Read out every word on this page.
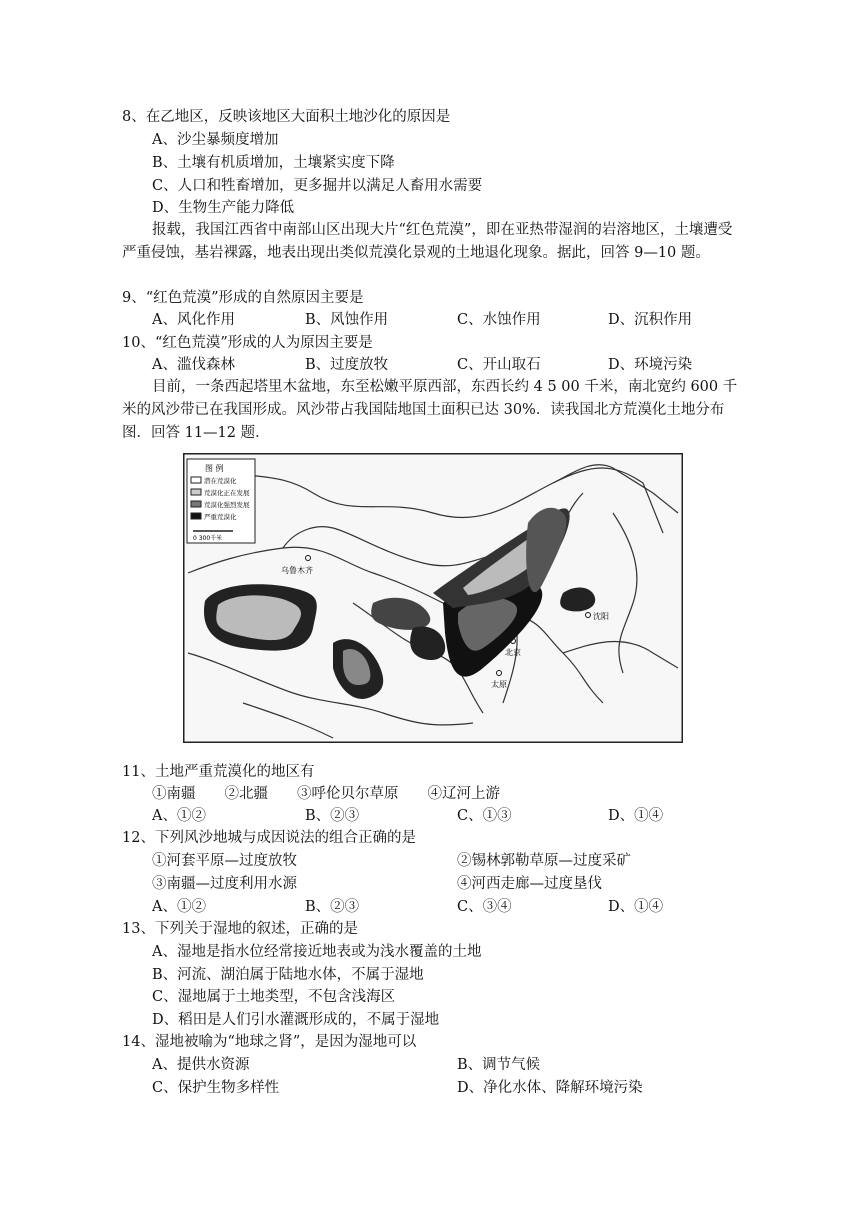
8、在乙地区，反映该地区大面积土地沙化的原因是
A、沙尘暴频度增加
B、土壤有机质增加，土壤紧实度下降
C、人口和牲畜增加，更多掘井以满足人畜用水需要
D、生物生产能力降低
报载，我国江西省中南部山区出现大片“红色荒漠”，即在亚热带湿润的岩溶地区，土壤遭受严重侵蚀，基岩裸露，地表出现出类似荒漠化景观的土地退化现象。据此，回答 9—10 题。
9、“红色荒漠”形成的自然原因主要是
A、风化作用	B、风蚀作用	C、水蚀作用	D、沉积作用
10、“红色荒漠”形成的人为原因主要是
A、滥伐森林	B、过度放牧	C、开山取石	D、环境污染
目前，一条西起塔里木盆地，东至松嫩平原西部，东西长约 4 5 00 千米，南北宽约 600 千米的风沙带已在我国形成。风沙带占我国陆地国土面积已达 30%．读我国北方荒漠化土地分布图．回答 11—12 题．
图 例
潜在荒漠化
荒漠化正在发展
荒漠化强烈发展
严重荒漠化
0 300千米
乌鲁木齐
沈阳
北京
太原
11、土地严重荒漠化的地区有
①南疆　　②北疆　　③呼伦贝尔草原　　④辽河上游
A、①②	B、②③	C、①③	D、①④
12、下列风沙地城与成因说法的组合正确的是
①河套平原—过度放牧	②锡林郭勒草原—过度采矿
③南疆—过度利用水源	④河西走廊—过度垦伐
A、①②	B、②③	C、③④	D、①④
13、下列关于湿地的叙述，正确的是
A、湿地是指水位经常接近地表或为浅水覆盖的土地
B、河流、湖泊属于陆地水体，不属于湿地
C、湿地属于土地类型，不包含浅海区
D、稻田是人们引水灌溉形成的，不属于湿地
14、湿地被喻为“地球之肾”，是因为湿地可以
A、提供水资源	B、调节气候
C、保护生物多样性	D、净化水体、降解环境污染
